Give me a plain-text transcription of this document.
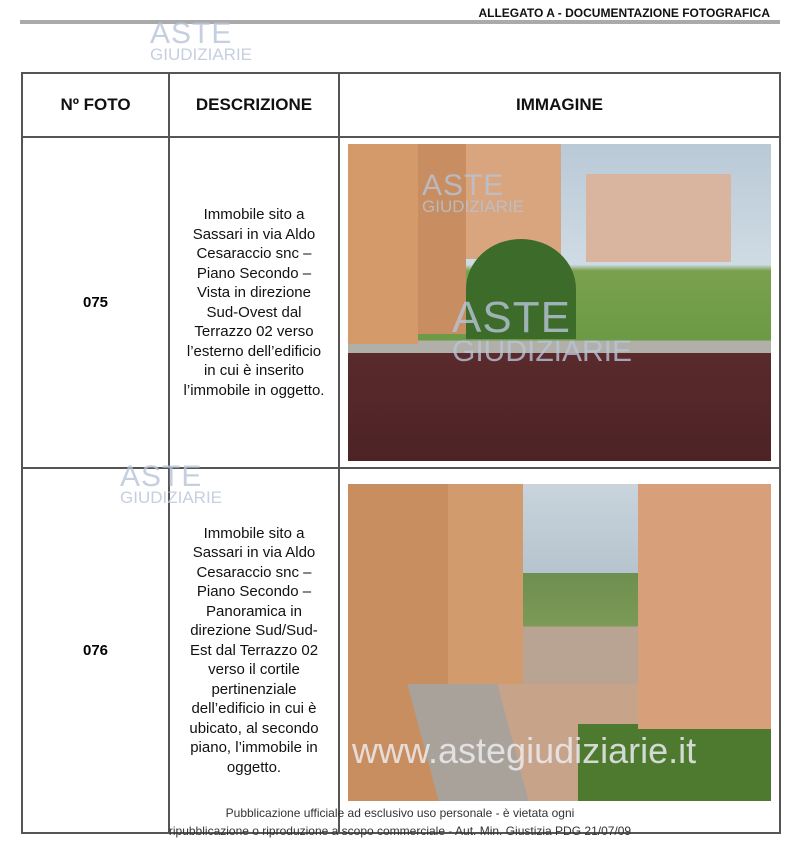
ALLEGATO A - DOCUMENTAZIONE FOTOGRAFICA
Nº FOTO	DESCRIZIONE	IMMAGINE
075	Immobile sito a Sassari in via Aldo Cesaraccio snc – Piano Secondo – Vista in direzione Sud-Ovest dal Terrazzo 02 verso l’esterno dell’edificio in cui è inserito l’immobile in oggetto.	

076	Immobile sito a Sassari in via Aldo Cesaraccio snc – Piano Secondo – Panoramica in direzione Sud/Sud-Est dal Terrazzo 02 verso il cortile pertinenziale dell’edificio in cui è ubicato, al secondo piano, l’immobile in oggetto.	
ASTE
GIUDIZIARIE
ASTE
GIUDIZIARIE
ASTE
GIUDIZIARIE
ASTE
GIUDIZIARIE
www.astegiudiziarie.it
Pubblicazione ufficiale ad esclusivo uso personale - è vietata ogni
ripubblicazione o riproduzione a scopo commerciale - Aut. Min. Giustizia PDG 21/07/09
